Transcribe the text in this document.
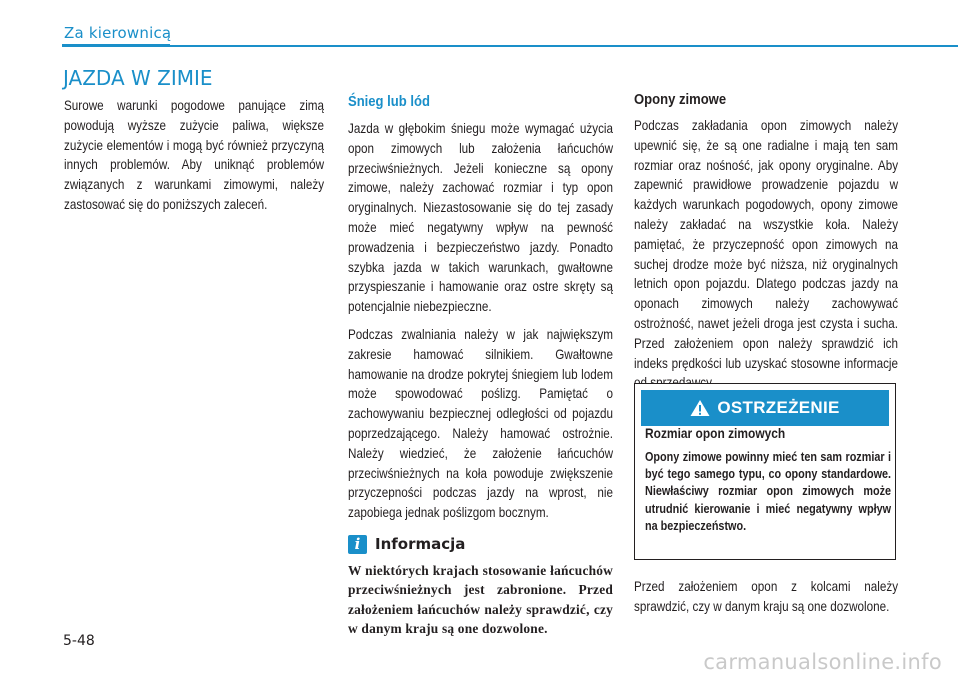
Za kierownicą
JAZDA W ZIMIE

Surowe warunki pogodowe panujące zimą powodują wyższe zużycie paliwa, większe zużycie elementów i mogą być również przyczyną innych problemów. Aby uniknąć problemów związanych z warunkami zimowymi, należy zastosować się do poniższych zaleceń.

Śnieg lub lód

Jazda w głębokim śniegu może wymagać użycia opon zimowych lub założenia łańcuchów przeciwśnieżnych. Jeżeli konieczne są opony zimowe, należy zachować rozmiar i typ opon oryginalnych. Niezastosowanie się do tej zasady może mieć negatywny wpływ na pewność prowadzenia i bezpieczeństwo jazdy. Ponadto szybka jazda w takich warunkach, gwałtowne przyspieszanie i hamowanie oraz ostre skręty są potencjalnie niebezpieczne.

Podczas zwalniania należy w jak największym zakresie hamować silnikiem. Gwałtowne hamowanie na drodze pokrytej śniegiem lub lodem może spowodować poślizg. Pamiętać o zachowywaniu bezpiecznej odległości od pojazdu poprzedzającego. Należy hamować ostrożnie. Należy wiedzieć, że założenie łańcuchów przeciwśnieżnych na koła powoduje zwiększenie przyczepności podczas jazdy na wprost, nie zapobiega jednak poślizgom bocznym.

i Informacja

W niektórych krajach stosowanie łańcuchów przeciwśnieżnych jest zabronione. Przed założeniem łańcuchów należy sprawdzić, czy w danym kraju są one dozwolone.

Opony zimowe

Podczas zakładania opon zimowych należy upewnić się, że są one radialne i mają ten sam rozmiar oraz nośność, jak opony oryginalne. Aby zapewnić prawidłowe prowadzenie pojazdu w każdych warunkach pogodowych, opony zimowe należy zakładać na wszystkie koła. Należy pamiętać, że przyczepność opon zimowych na suchej drodze może być niższa, niż oryginalnych letnich opon pojazdu. Dlatego podczas jazdy na oponach zimowych należy zachowywać ostrożność, nawet jeżeli droga jest czysta i sucha. Przed założeniem opon należy sprawdzić ich indeks prędkości lub uzyskać stosowne informacje

OSTRZEŻENIE
Rozmiar opon zimowych

Opony zimowe powinny mieć ten sam rozmiar i być tego samego typu, co opony standardowe. Niewłaściwy rozmiar opon zimowych może utrudnić kierowanie i mieć negatywny wpływ na bezpieczeństwo.

Przed założeniem opon z kolcami należy sprawdzić, czy w danym kraju są one dozwolone.

5-48
carmanualsonline.info
